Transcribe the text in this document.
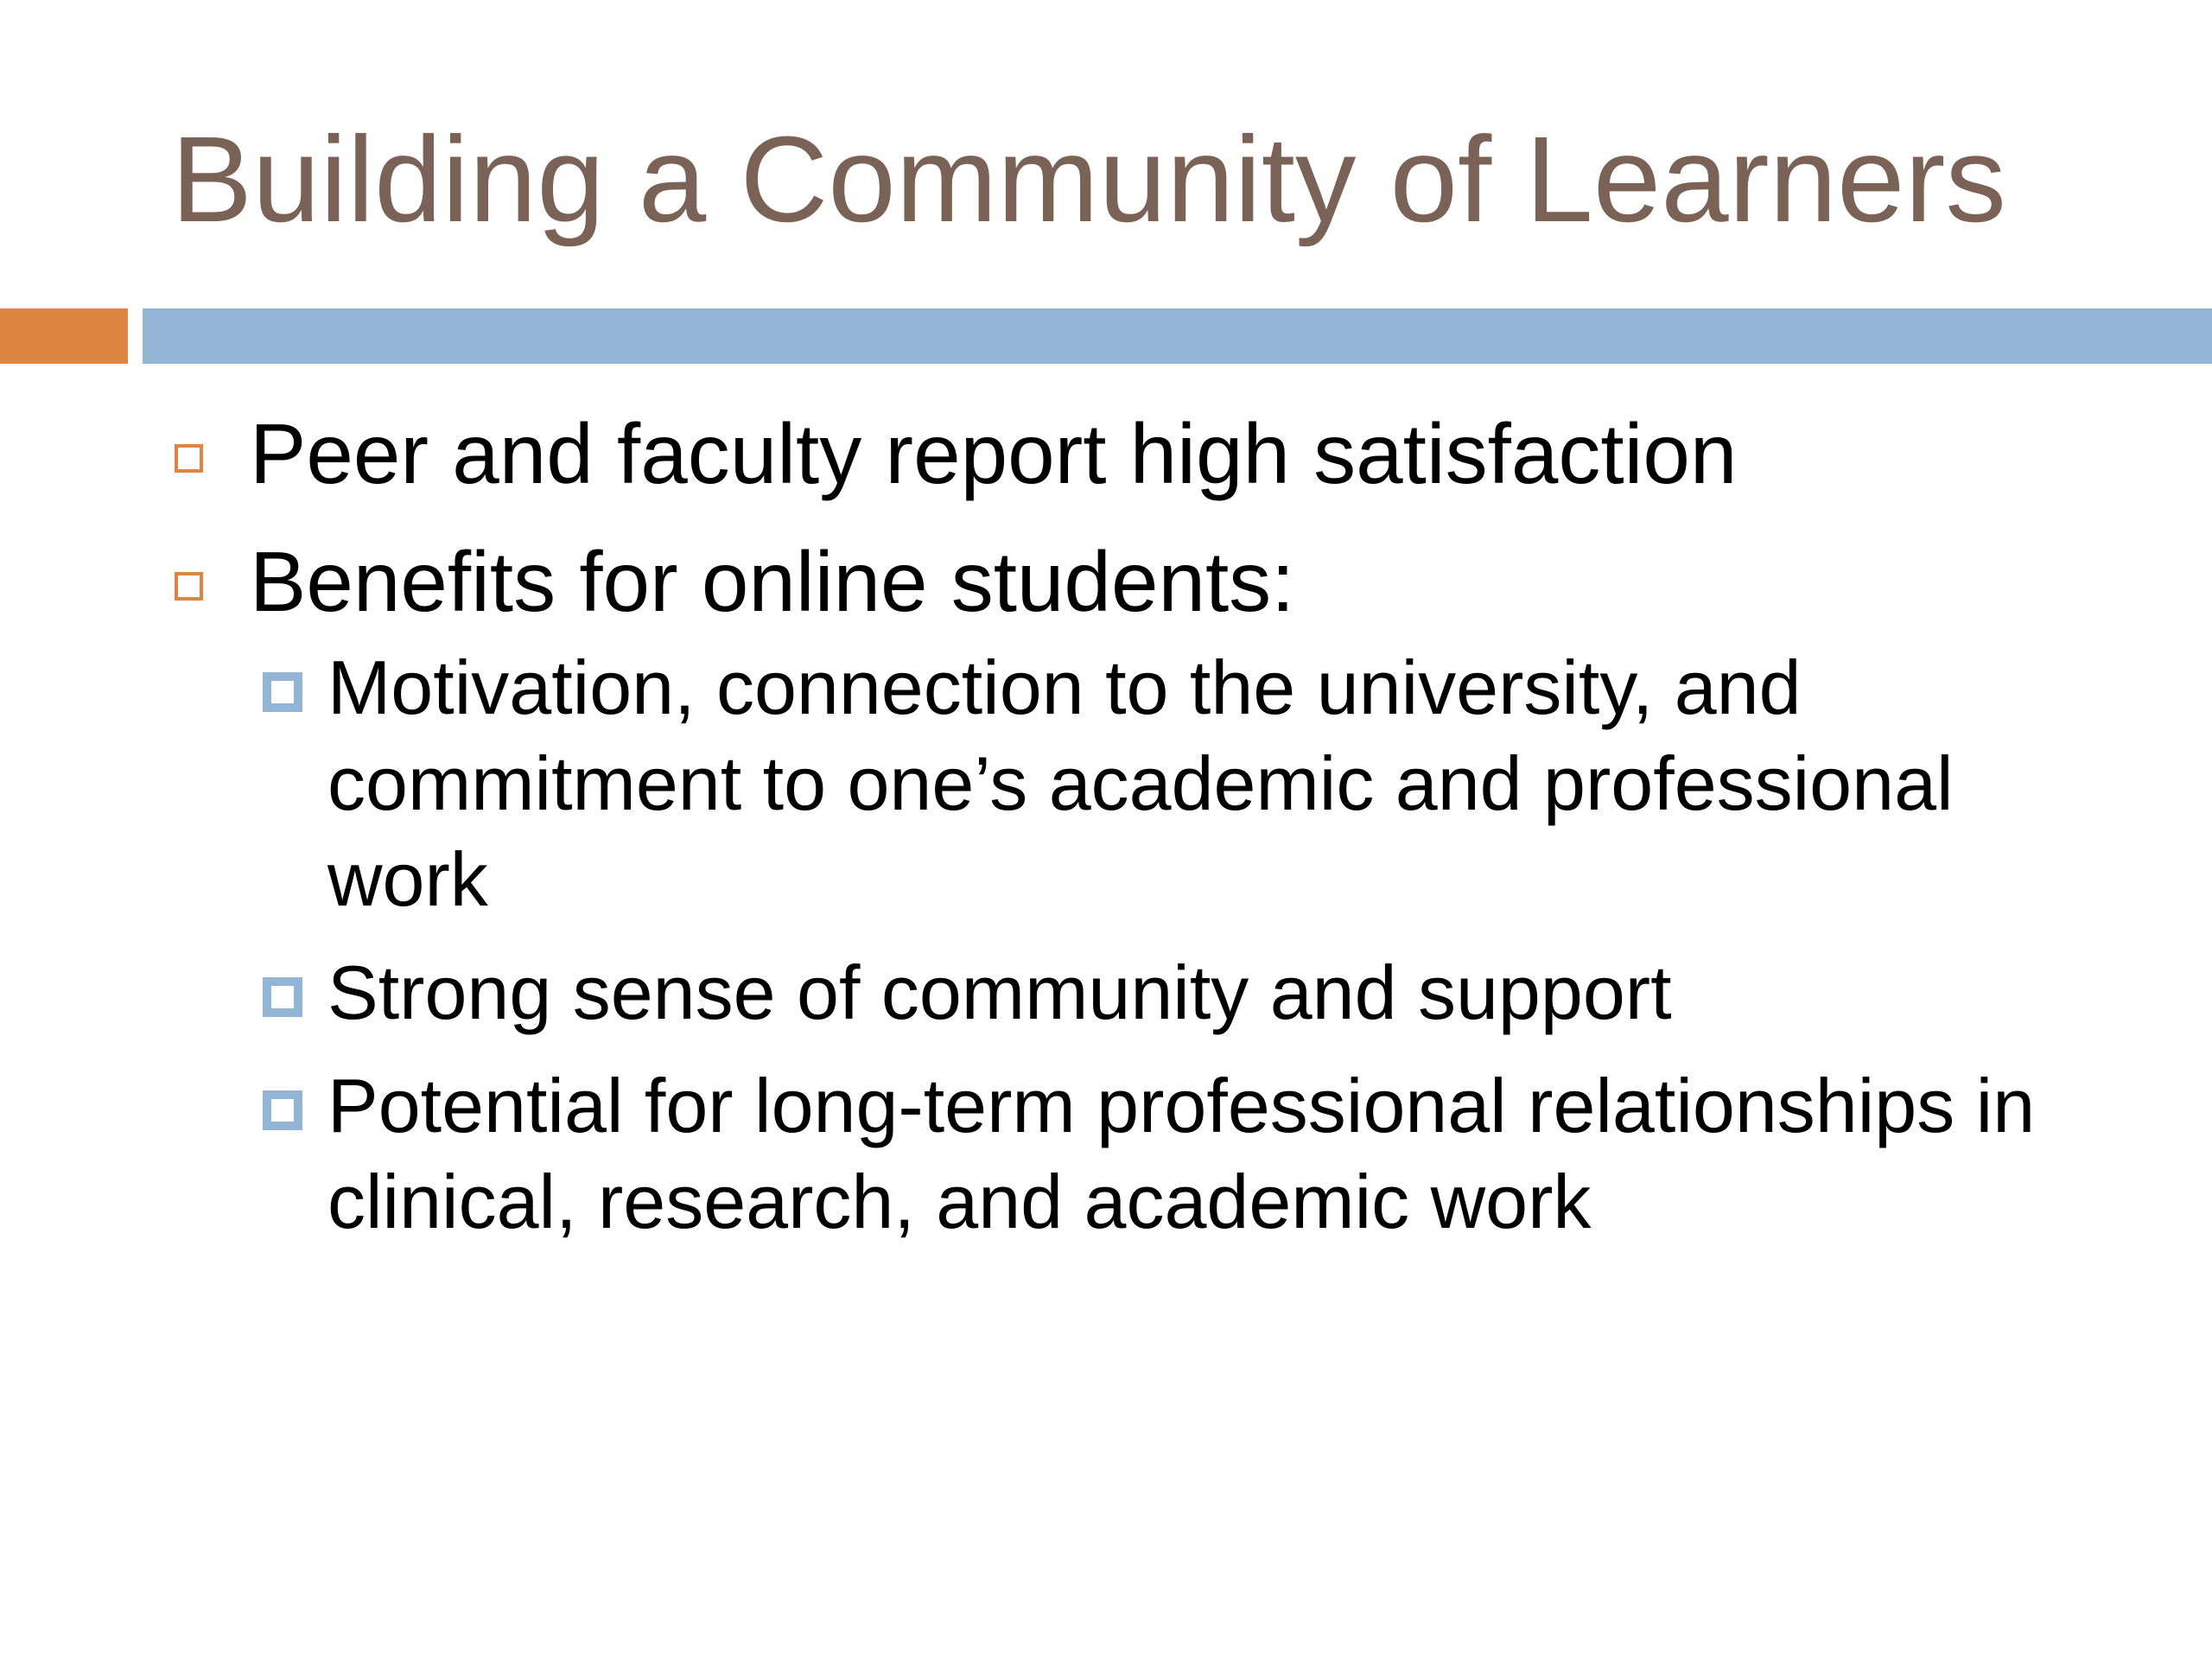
Building a Community of Learners
Peer and faculty report high satisfaction
Benefits for online students:
Motivation, connection to the university, and commitment to one’s academic and professional work
Strong sense of community and support
Potential for long-term professional relationships in clinical, research, and academic work
